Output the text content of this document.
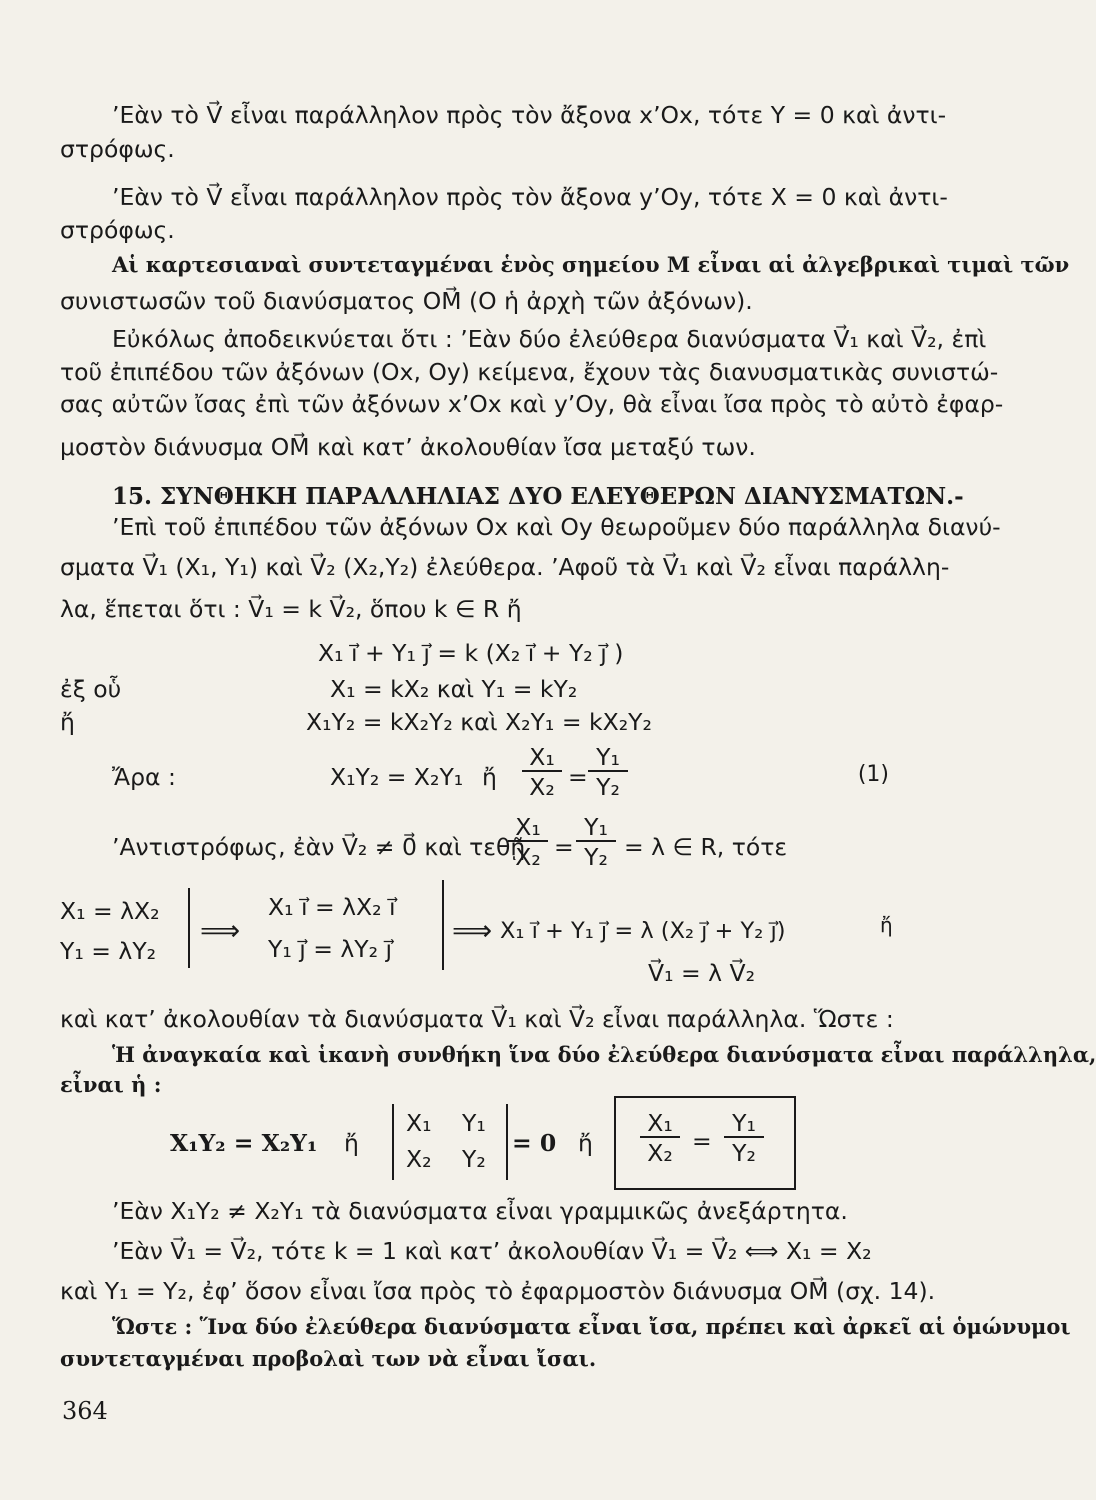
’Εὰν τὸ V⃗ εἶναι παράλληλον πρὸς τὸν ἄξονα x’Ox, τότε Y = 0 καὶ ἀντι-
στρόφως.
’Εὰν τὸ V⃗ εἶναι παράλληλον πρὸς τὸν ἄξονα y’Oy, τότε X = 0 καὶ ἀντι-
στρόφως.
Αἱ καρτεσιαναὶ συντεταγμέναι ἑνὸς σημείου M εἶναι αἱ ἀλγεβρικαὶ τιμαὶ τῶν
συνιστωσῶν τοῦ διανύσματος OM⃗ (O ἡ ἀρχὴ τῶν ἀξόνων).
Εὐκόλως ἀποδεικνύεται ὅτι : ’Εὰν δύο ἐλεύθερα διανύσματα V⃗₁ καὶ V⃗₂, ἐπὶ
τοῦ ἐπιπέδου τῶν ἀξόνων (Ox, Oy) κείμενα, ἔχουν τὰς διανυσματικὰς συνιστώ-
σας αὐτῶν ἴσας ἐπὶ τῶν ἀξόνων x’Ox καὶ y’Oy, θὰ εἶναι ἴσα πρὸς τὸ αὐτὸ ἐφαρ-
μοστὸν διάνυσμα OM⃗ καὶ κατ’ ἀκολουθίαν ἴσα μεταξύ των.
15. ΣΥΝΘΗΚΗ ΠΑΡΑΛΛΗΛΙΑΣ ΔΥΟ ΕΛΕΥΘΕΡΩΝ ΔΙΑΝΥΣΜΑΤΩΝ.-
’Επὶ τοῦ ἐπιπέδου τῶν ἀξόνων Ox καὶ Oy θεωροῦμεν δύο παράλληλα διανύ-
σματα V⃗₁ (X₁, Y₁) καὶ V⃗₂ (X₂,Y₂) ἐλεύθερα. ’Αφοῦ τὰ V⃗₁ καὶ V⃗₂ εἶναι παράλλη-
λα, ἕπεται ὅτι : V⃗₁ = k V⃗₂, ὅπου k ∈ R ἤ
X₁ i⃗ + Y₁ j⃗ = k (X₂ i⃗ + Y₂ j⃗ )
ἐξ οὗ	X₁ = kX₂ καὶ Y₁ = kY₂
ἤ	X₁Y₂ = kX₂Y₂ καὶ X₂Y₁ = kX₂Y₂
Ἄρα :	X₁Y₂ = X₂Y₁ ἤ
X₁
X₂ =
Y₁
Y₂	(1)
’Αντιστρόφως, ἐὰν V⃗₂ ≠ 0⃗ καὶ τεθῇ
X₁
X₂ =
Y₁
Y₂ = λ ∈ R, τότε
X₁ = λX₂
Y₁ = λY₂
⟹
X₁ i⃗ = λX₂ i⃗
Y₁ j⃗ = λY₂ j⃗
⟹ X₁ i⃗ + Y₁ j⃗ = λ (X₂ j⃗ + Y₂ j⃗)	ἤ
V⃗₁ = λ V⃗₂
καὶ κατ’ ἀκολουθίαν τὰ διανύσματα V⃗₁ καὶ V⃗₂ εἶναι παράλληλα. Ὥστε :
Ἡ ἀναγκαία καὶ ἱκανὴ συνθήκη ἵνα δύο ἐλεύθερα διανύσματα εἶναι παράλληλα,
εἶναι ἡ :
X₁Y₂ = X₂Y₁ ἤ
X₁ Y₁
X₂ Y₂
= 0 ἤ
X₁
X₂ =
Y₁
Y₂
’Εὰν X₁Y₂ ≠ X₂Y₁ τὰ διανύσματα εἶναι γραμμικῶς ἀνεξάρτητα.
’Εὰν V⃗₁ = V⃗₂, τότε k = 1 καὶ κατ’ ἀκολουθίαν V⃗₁ = V⃗₂ ⟺ X₁ = X₂
καὶ Y₁ = Y₂, ἐφ’ ὅσον εἶναι ἴσα πρὸς τὸ ἐφαρμοστὸν διάνυσμα OM⃗ (σχ. 14).
Ὥστε : Ἵνα δύο ἐλεύθερα διανύσματα εἶναι ἴσα, πρέπει καὶ ἀρκεῖ αἱ ὁμώνυμοι
συντεταγμέναι προβολαὶ των νὰ εἶναι ἴσαι.
364
